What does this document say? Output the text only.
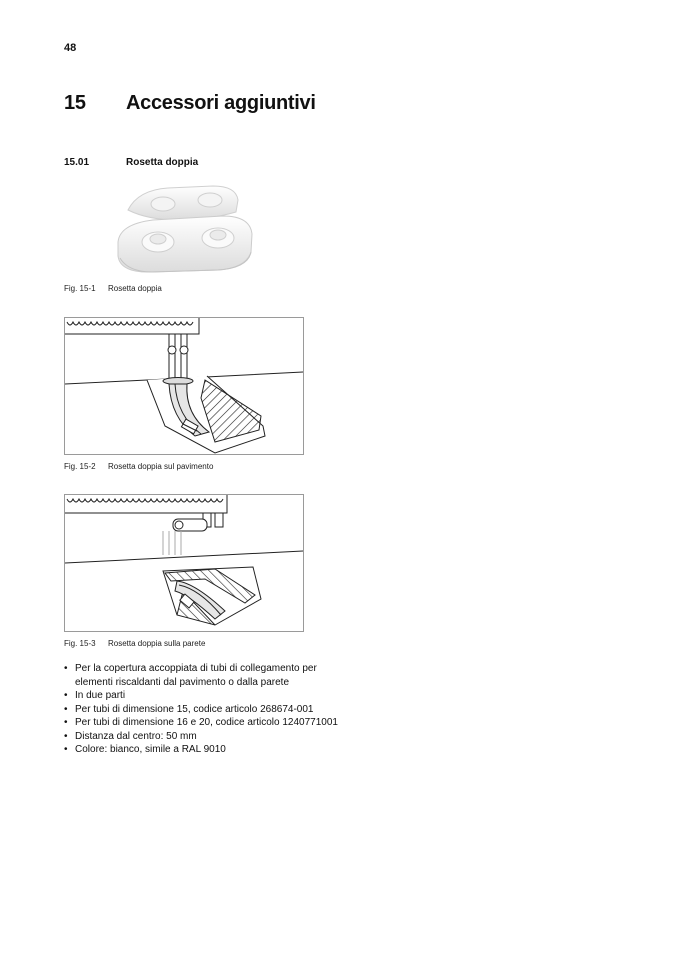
48
15 Accessori aggiuntivi
15.01	Rosetta doppia
Fig. 15-1 Rosetta doppia
Fig. 15-2 Rosetta doppia sul pavimento
Fig. 15-3 Rosetta doppia sulla parete
• Per la copertura accoppiata di tubi di collegamento per elementi riscaldanti dal pavimento o dalla parete
• In due parti
• Per tubi di dimensione 15, codice articolo 268674-001
• Per tubi di dimensione 16 e 20, codice articolo 1240771001
• Distanza dal centro: 50 mm
• Colore: bianco, simile a RAL 9010
